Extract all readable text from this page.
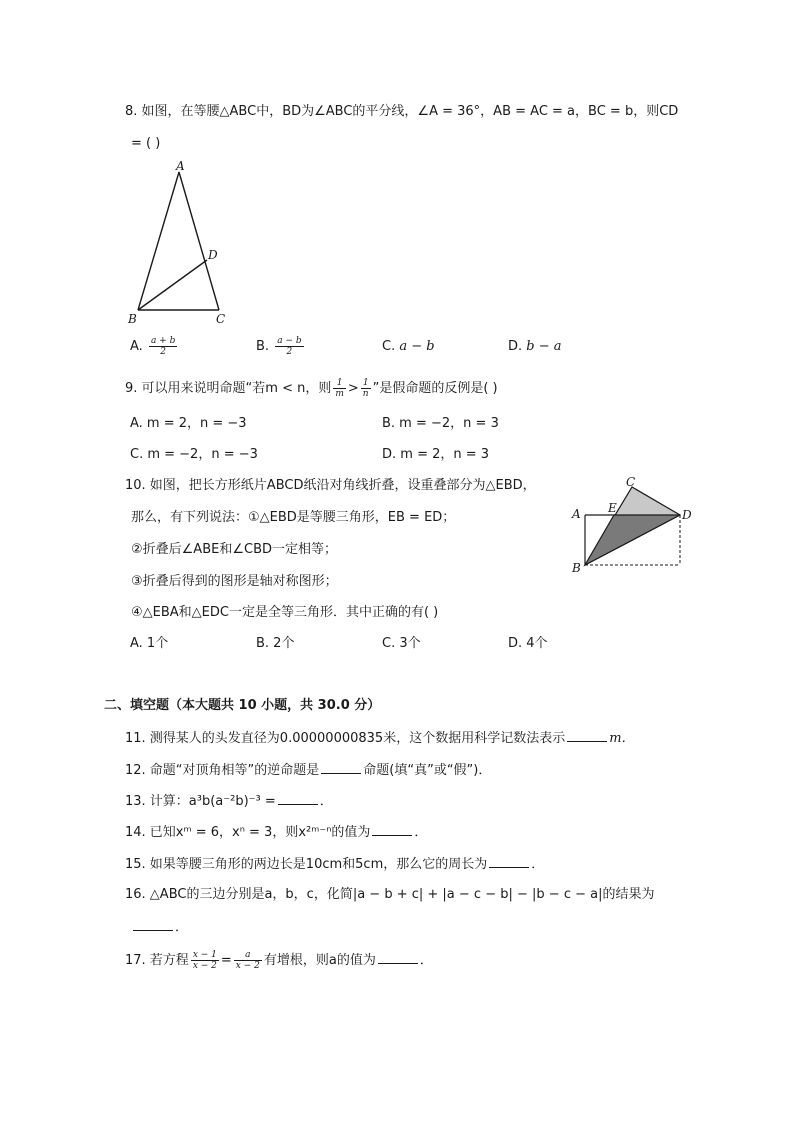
8. 如图，在等腰△ABC中，BD为∠ABC的平分线，∠A = 36°，AB = AC = a，BC = b，则CD
= ( )
A
B	C
D
A. $\frac{a + b}{2}$	B. $\frac{a - b}{2}$	C. a − b	D. b − a
9. 可以用来说明命题“若m < n，则 $\frac{1}{m} > \frac{1}{n}$ ”是假命题的反例是( )
A. m = 2，n = −3	B. m = −2，n = 3
C. m = −2，n = −3	D. m = 2，n = 3
10. 如图，把长方形纸片ABCD纸沿对角线折叠，设重叠部分为△EBD，
那么，有下列说法：①△EBD是等腰三角形，EB = ED；
②折叠后∠ABE和∠CBD一定相等；
③折叠后得到的图形是轴对称图形；
④△EBA和△EDC一定是全等三角形．其中正确的有( )
A
B
C
D
E
A. 1个	B. 2个	C. 3个	D. 4个
二、填空题（本大题共 10 小题，共 30.0 分）
11. 测得某人的头发直径为0.00000000835米，这个数据用科学记数法表示	m．
12. 命题“对顶角相等”的逆命题是	命题(填“真”或“假”)．
13. 计算：a³b(a⁻²b)⁻³ =	．
14. 已知xᵐ = 6，xⁿ = 3，则x²ᵐ⁻ⁿ的值为	．
15. 如果等腰三角形的两边长是10cm和5cm，那么它的周长为	．
16. △ABC的三边分别是a，b，c，化简|a − b + c| + |a − c − b| − |b − c − a|的结果为
．
17. 若方程 $\frac{x - 1}{x - 2} = \frac{a}{x - 2}$ 有增根，则a的值为	．
